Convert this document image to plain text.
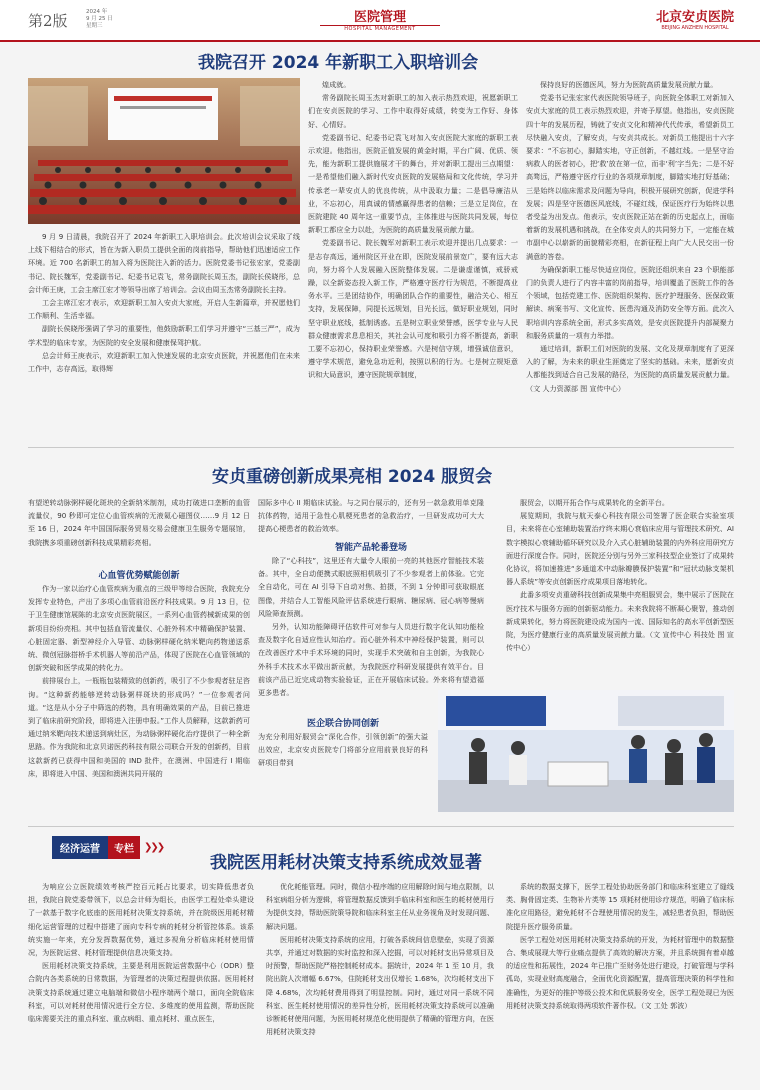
第2版	2024 年
9 月 25 日
星期三
医院管理
HOSPITAL MANAGEMENT
北京安贞医院
BEIJING ANZHEN HOSPITAL
我院召开 2024 年新职工入职培训会
9 月 9 日清晨，我院召开了 2024 年新职工入职培训会。此次培训会议采取了线上线下相结合的形式，旨在为新入职员工提供全面的岗前指导，帮助他们迅速适应工作环境。近 700 名新职工的加入将为医院注入新的活力。医院党委书记张宏家，党委副书记、院长魏军，党委副书记、纪委书记袁飞，常务副院长周玉杰，副院长侯晓彤，总会计师王庚，工会主席江宏才等领导出席了培训会。会议由周玉杰常务副院长主持。
工会主席江宏才表示，欢迎新职工加入安贞大家庭，开启人生新篇章，并祝愿他们工作顺利、生活幸福。
副院长侯晓彤强调了学习的重要性，他鼓励新职工们学习并遵守“三基三严”，成为学术型的临床专家，为医院的安全发展和健康保驾护航。
总会计师王庚表示，欢迎新职工加入快速发展的北京安贞医院，并祝愿他们在未来工作中，志存高远，取得辉
煌成就。
常务副院长周玉杰对新职工的加入表示热烈欢迎，祝愿新职工们在安贞医院的学习、工作中取得好成绩，转变为工作好、身体好、心情好。
党委副书记、纪委书记袁飞对加入安贞医院大家庭的新职工表示欢迎。他指出，医院正值发展的黄金时期，平台广阔、优质、领先，能为新职工提供施展才干的舞台，并对新职工提出三点期望：一是希望他们融入新时代安贞医院的发展格局和文化传统，学习并传承老一辈安贞人的优良传统，从中汲取力量；二是倡导廉洁从业，不忘初心，用真诚的情感赢得患者的信赖；三是立足岗位，在医院建院 40 周年这一重要节点，主体推进与医院共同发展，每位新职工都应全力以赴，为医院的高质量发展贡献力量。
党委副书记、院长魏军对新职工表示欢迎并提出几点要求：一是志存高远，通州院区开业在即，医院发展前景宽广，要有远大志向，努力将个人发展融入医院整体发展。二是谦虚谨慎，戒骄戒躁，以全新姿态投入新工作，严格遵守医疗行为规范，不断提高业务水平。三是团结协作，明确团队合作的重要性，融洽关心、相互支持，发展保障，同提长远规划，目光长远，做好职业规划，同时坚守职业底线，抵制诱惑。五是树立职业荣誉感，医学专业与人民群众健康需求息息相关，其社会认可度和吸引力将不断提高，新职工要不忘初心，保持职业荣誉感。六是树信守规，增强诚信意识，遵守学术规范，避免急功近利，按照以积的行为。七是树立规矩意识和大局意识，遵守医院规章制度，
保持良好的医德医风，努力为医院高质量发展贡献力量。
党委书记张宏家代表医院领导班子，向医院全体职工对新加入安贞大家庭的员工表示热烈欢迎，并寄予厚望。他指出，安贞医院四十年的发展历程，铸就了安贞文化和精神代代传承，希望新员工尽快融入安贞，了解安贞，与安贞共成长。对新员工他提出十六字要求：“不忘初心，脚踏实地，守正创新，不越红线。一是坚守治病救人的医者初心，把‘救’放在第一位，而非‘利’字当先；二是不好高骛远，严格遵守医疗行业的各项规章制度，脚踏实地打好基础；三是始终以临床需求及问题为导向，积极开展研究创新，促进学科发展；四是坚守医德医风底线，不碰红线，保证医疗行为始终以患者受益为出发点。他表示，安贞医院正站在新的历史起点上，面临着新的发展机遇和挑战，在全体安贞人的共同努力下，一定能在城市副中心以崭新的面貌精彩亮相，在新征程上向广大人民交出一份满意的答卷。
为确保新职工能尽快适应岗位，医院还组织来自 23 个职能部门的负责人进行了内容丰富的岗前指导，培训覆盖了医院工作的各个领域，包括党建工作、医院组织架构、医疗护理服务、医保政策解读、病案书写、文化宣传、医患沟通及消防安全等方面。此次入职培训内容系统全面，形式多实高效，是安贞医院提升内部凝聚力和服务质量的一项有力举措。
通过培训，新职工们对医院的发展、文化及规章制度有了更深入的了解，为未来的职业生涯奠定了坚实的基础。未来，愿新安贞人都能找到适合自己发展的路径，为医院的高质量发展贡献力量。（文 人力资源部 图 宣传中心）
安贞重磅创新成果亮相 2024 服贸会
有望逆转动脉粥样硬化斑块的全新纳米制剂，成功打破进口垄断的血管流量仪，90 秒即可定位心血管疾病的无液氦心磁图仪……9 月 12 日至 16 日，2024 年中国国际服务贸易交易会健康卫生服务专题展馆，我院携多项重磅创新科技成果精彩亮相。
心血管优势赋能创新
作为一家以治疗心血管疾病为重点的三级甲等综合医院，我院充分发挥专业特色，产出了多项心血管前沿医疗科技成果。9 月 13 日，位于卫生健康馆展陈的北京安贞医院展区，一系列心血管药械新成果的创新项目纷纷亮相。其中包括血管流量仪、心脏外科术中精确保护装置、心脏固定器、新型神经介入导管、动脉粥样硬化纳米靶向药物递送系统、微创冠脉搭桥手术机器人等前沿产品，体现了医院在心血管领域的创新突破和医学成果的转化力。
前排展台上，一瓶瓶包装精致的创新药，吸引了不少参观者驻足咨询。“这种新药能够逆转动脉粥样斑块的形成吗？”一位参观者问道。“这是从小分子中筛选的药物，具有明确效果的产品，目前已推进到了临床前研究阶段，即将进入注册申报。”工作人员解释，这款新药可通过纳米靶向技术递送到病灶区，为动脉粥样硬化治疗提供了一种全新思路。作为我院和北京贝诺医药科技有限公司联合开发的创新药，目前这款新药已获得中国和美国的 IND 批件，在澳洲、中国进行 I 期临床，即将进入中国、美国和澳洲共同开展的
国际多中心 II 期临床试验。与之同台展示的，还有另一款急救用单克隆抗体药物，适用于急性心肌梗死患者的急救治疗，一旦研发成功可大大提高心梗患者的救治效率。
智能产品轮番登场
除了“心科技”，这里还有大量令人眼前一亮的其他医疗智能技术装备。其中，全自动便携式眼底照相机吸引了不少参观者上前体验。它完全自动化，可在 AI 引导下自动对焦、拍摄，不到 1 分钟即可获取眼底图像，并结合人工智能风险评估系统进行眼病、糖尿病、冠心病等慢病风险筛查预测。
另外，认知功能障碍评估软件可对参与人员进行数字化认知功能检查及数字化自适应性认知治疗。而心脏外科术中神经保护装置，则可以在改善医疗术中手术环境的同时，实现手术突破和自主创新，为我院心外科手术技术水平做出新贡献，为我院医疗科研发展提供有效平台。目前该产品已近完成动物实验验证，正在开展临床试验。外来将有望造福更多患者。
医企联合协同创新
为充分利用好服贸会“深化合作，引领创新”的强大溢出效应，北京安贞医院专门将部分应用前景良好的科研项目带到
服贸会，以期开拓合作与成果转化的全新平台。
展览期间，我院与航天泰心科技有限公司签署了医企联合实验室项目，未来将在心室辅助装置治疗终末期心衰临床应用与管理技术研究、AI 数字模拟心衰辅助循环研究以及介入式心脏辅助装置的内外科应用研究方面进行深度合作。同时，医院还分别与另外三家科技型企业签订了成果转化协议，将加速推进“多通道术中动脉瓣膜保护装置”和“冠状动脉支架机器人系统”等安贞创新医疗成果项目落地转化。
此番多项安贞重磅科技创新成果集中亮相服贸会，集中展示了医院在医疗技术与服务方面的创新驱动能力。未来我院将不断凝心聚智，推动创新成果转化，努力将医院建设成为国内一流、国际知名的高水平创新型医院，为医疗健康行业的高质量发展贡献力量。（文 宣传中心 科技处 图 宣传中心）
经济运营	专栏	❯❯❯
我院医用耗材决策支持系统成效显著
为响应公立医院绩效考核严控百元耗占比要求，切实降低患者负担，我院自院党委带领下，以总会计师为组长，由医学工程处牵头建设了一款基于数字化底座的医用耗材决策支持系统，并在院级医用耗材精细化运营管理的过程中搭建了面向专科专病的耗材分析管控体系。该系统实施一年来，充分发挥数据优势，通过多视角分析临床耗材使用情况，为医院运营、耗材管理提供信息决策支持。
医用耗材决策支持系统，主要是利用医院运营数据中心（ODR）整合院内各类系统的日常数据，为管理者的决策过程提供依据。医用耗材决策支持系统通过建立电脑端和微信小程序端两个端口，面向全院临床科室，可以对耗材使用情况进行全方位、多维度的使用监测，帮助医院临床需要关注的重点科室、重点病组、重点耗材、重点医生，
优化耗能管理。同时，微信小程序端的应用解除时间与地点限制，以科室病组分析为逻辑，将管理数据反馈到手临床科室和医生的耗材使用行为提供支持，帮助医院策导院和临床科室主任从业务视角及时发现问题、解决问题。
医用耗材决策支持系统的应用，打破各系统间信息壁垒，实现了资源共享，并通过对数据的实时监控和深入挖掘，可以对耗材支出异常项目及时预警，帮助医院严格控制耗材成本。据统计，2024 年 1 至 10 月，我院出院人次增幅 6.67%，住院耗材支出仅增长 1.68%，次均耗材支出下降 4.68%，次均耗材费用得到了明显控制。同时，通过对同一系统不同科室、医生耗材使用情况的差异性分析，医用耗材决策支持系统可以准确诊断耗材使用问题，为医用耗材规范化使用提供了精确的管理方向，在医用耗材决策支持
系统的数据支撑下，医学工程处协助医务部门和临床科室建立了缝线类、胸骨固定类、生物补片类等 15 项耗材使用诊疗规范，明确了临床标准化应用路径，避免耗材不合理使用情况的发生，减轻患者负担，帮助医院提升医疗服务质量。
医学工程处对医用耗材决策支持系统的开发，为耗材管理中的数据整合、集成展现大等行业痛点提供了高效的解决方案，并且系统拥有着卓越的适应性和拓展性，2024 年已推广至财务处进行建设，打破管理与学科孤岛，实现业财高度融合，全面优化资源配置，提高管理决策的科学性和准确性，为更好的推护等级公投术和优质服务安全，医学工程处现已为医用耗材决策支持系统取得两项软件著作权。（文 工处 郭波）
